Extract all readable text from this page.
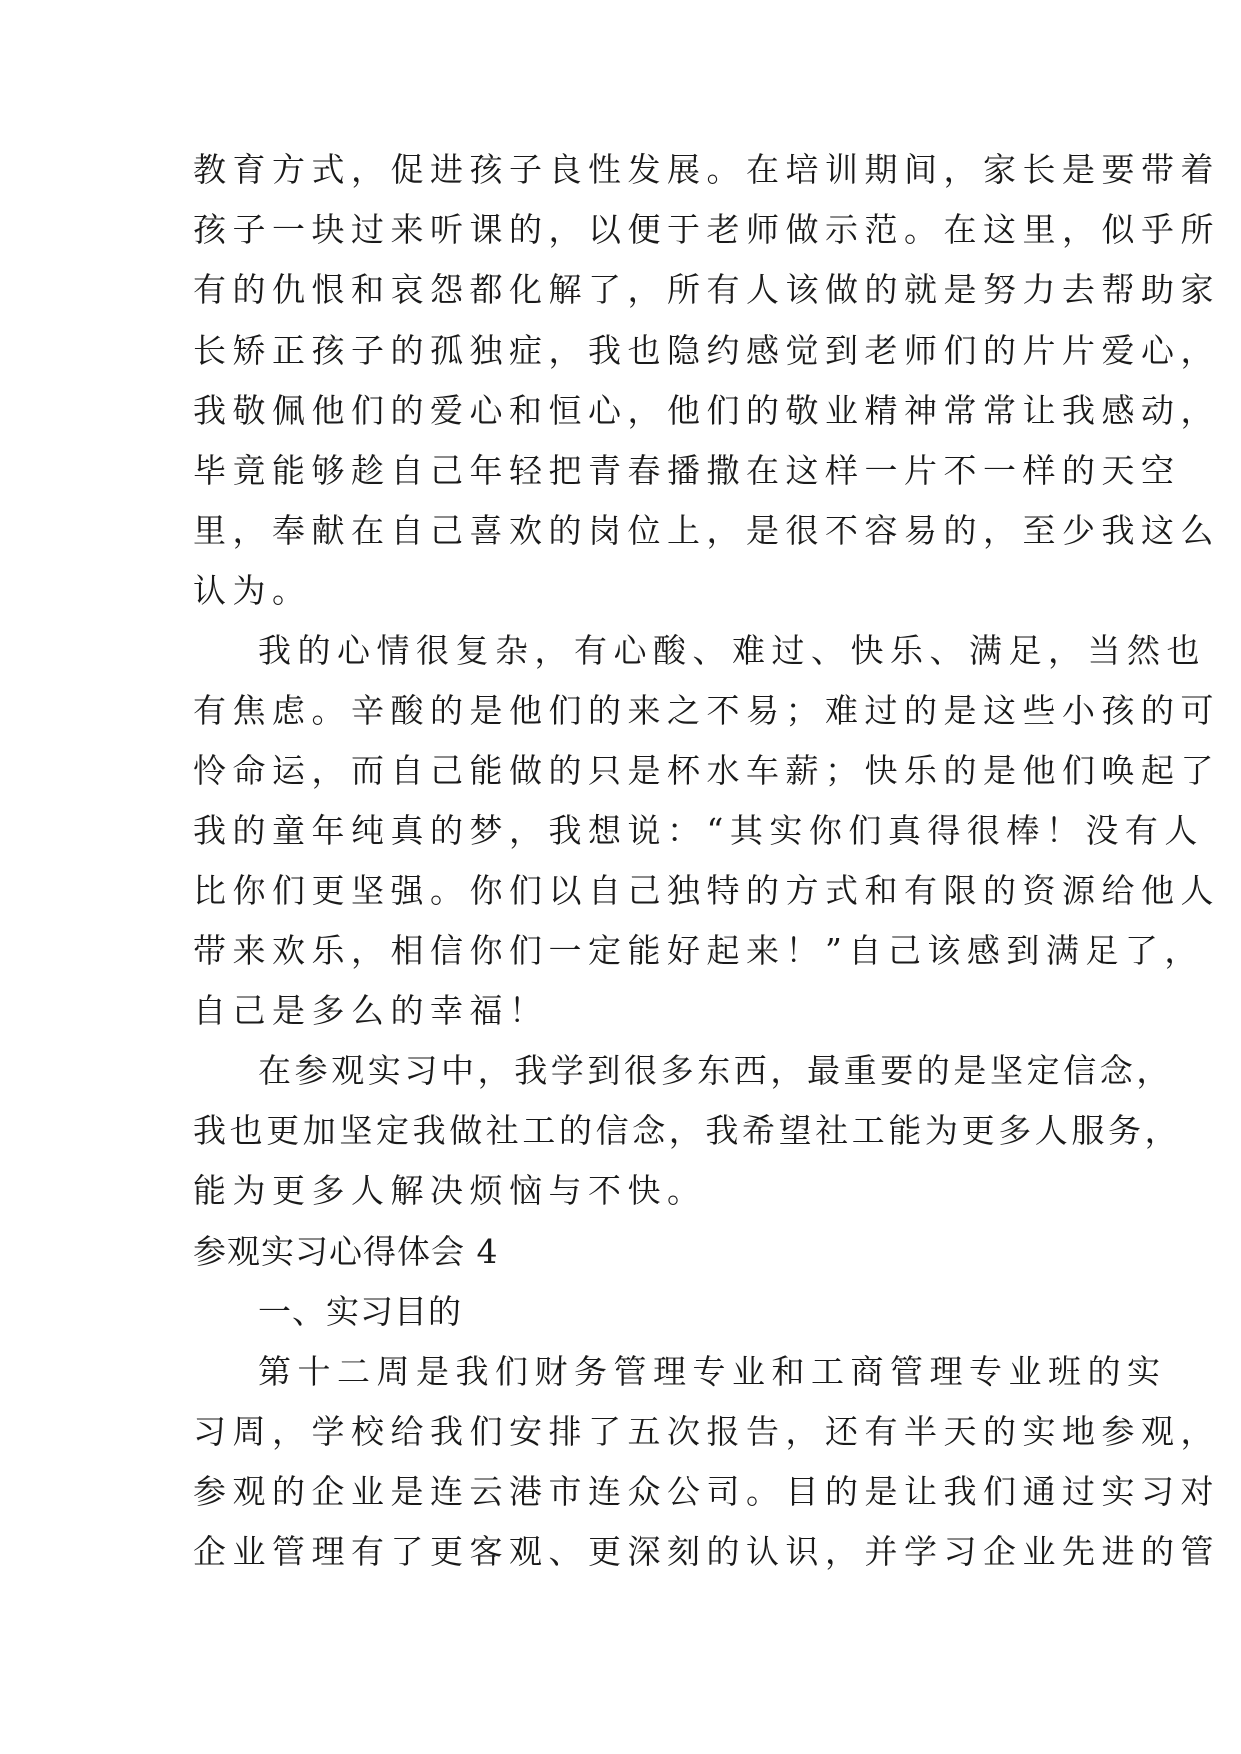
教育方式，促进孩子良性发展。在培训期间，家长是要带着
孩子一块过来听课的，以便于老师做示范。在这里，似乎所
有的仇恨和哀怨都化解了，所有人该做的就是努力去帮助家
长矫正孩子的孤独症，我也隐约感觉到老师们的片片爱心，
我敬佩他们的爱心和恒心，他们的敬业精神常常让我感动，
毕竟能够趁自己年轻把青春播撒在这样一片不一样的天空
里，奉献在自己喜欢的岗位上，是很不容易的，至少我这么
认为。
我的心情很复杂，有心酸、难过、快乐、满足，当然也
有焦虑。辛酸的是他们的来之不易；难过的是这些小孩的可
怜命运，而自己能做的只是杯水车薪；快乐的是他们唤起了
我的童年纯真的梦，我想说：“其实你们真得很棒！没有人
比你们更坚强。你们以自己独特的方式和有限的资源给他人
带来欢乐，相信你们一定能好起来！”自己该感到满足了，
自己是多么的幸福！
在参观实习中，我学到很多东西，最重要的是坚定信念，
我也更加坚定我做社工的信念，我希望社工能为更多人服务，
能为更多人解决烦恼与不快。
参观实习心得体会 4
一、实习目的
第十二周是我们财务管理专业和工商管理专业班的实
习周，学校给我们安排了五次报告，还有半天的实地参观，
参观的企业是连云港市连众公司。目的是让我们通过实习对
企业管理有了更客观、更深刻的认识，并学习企业先进的管
